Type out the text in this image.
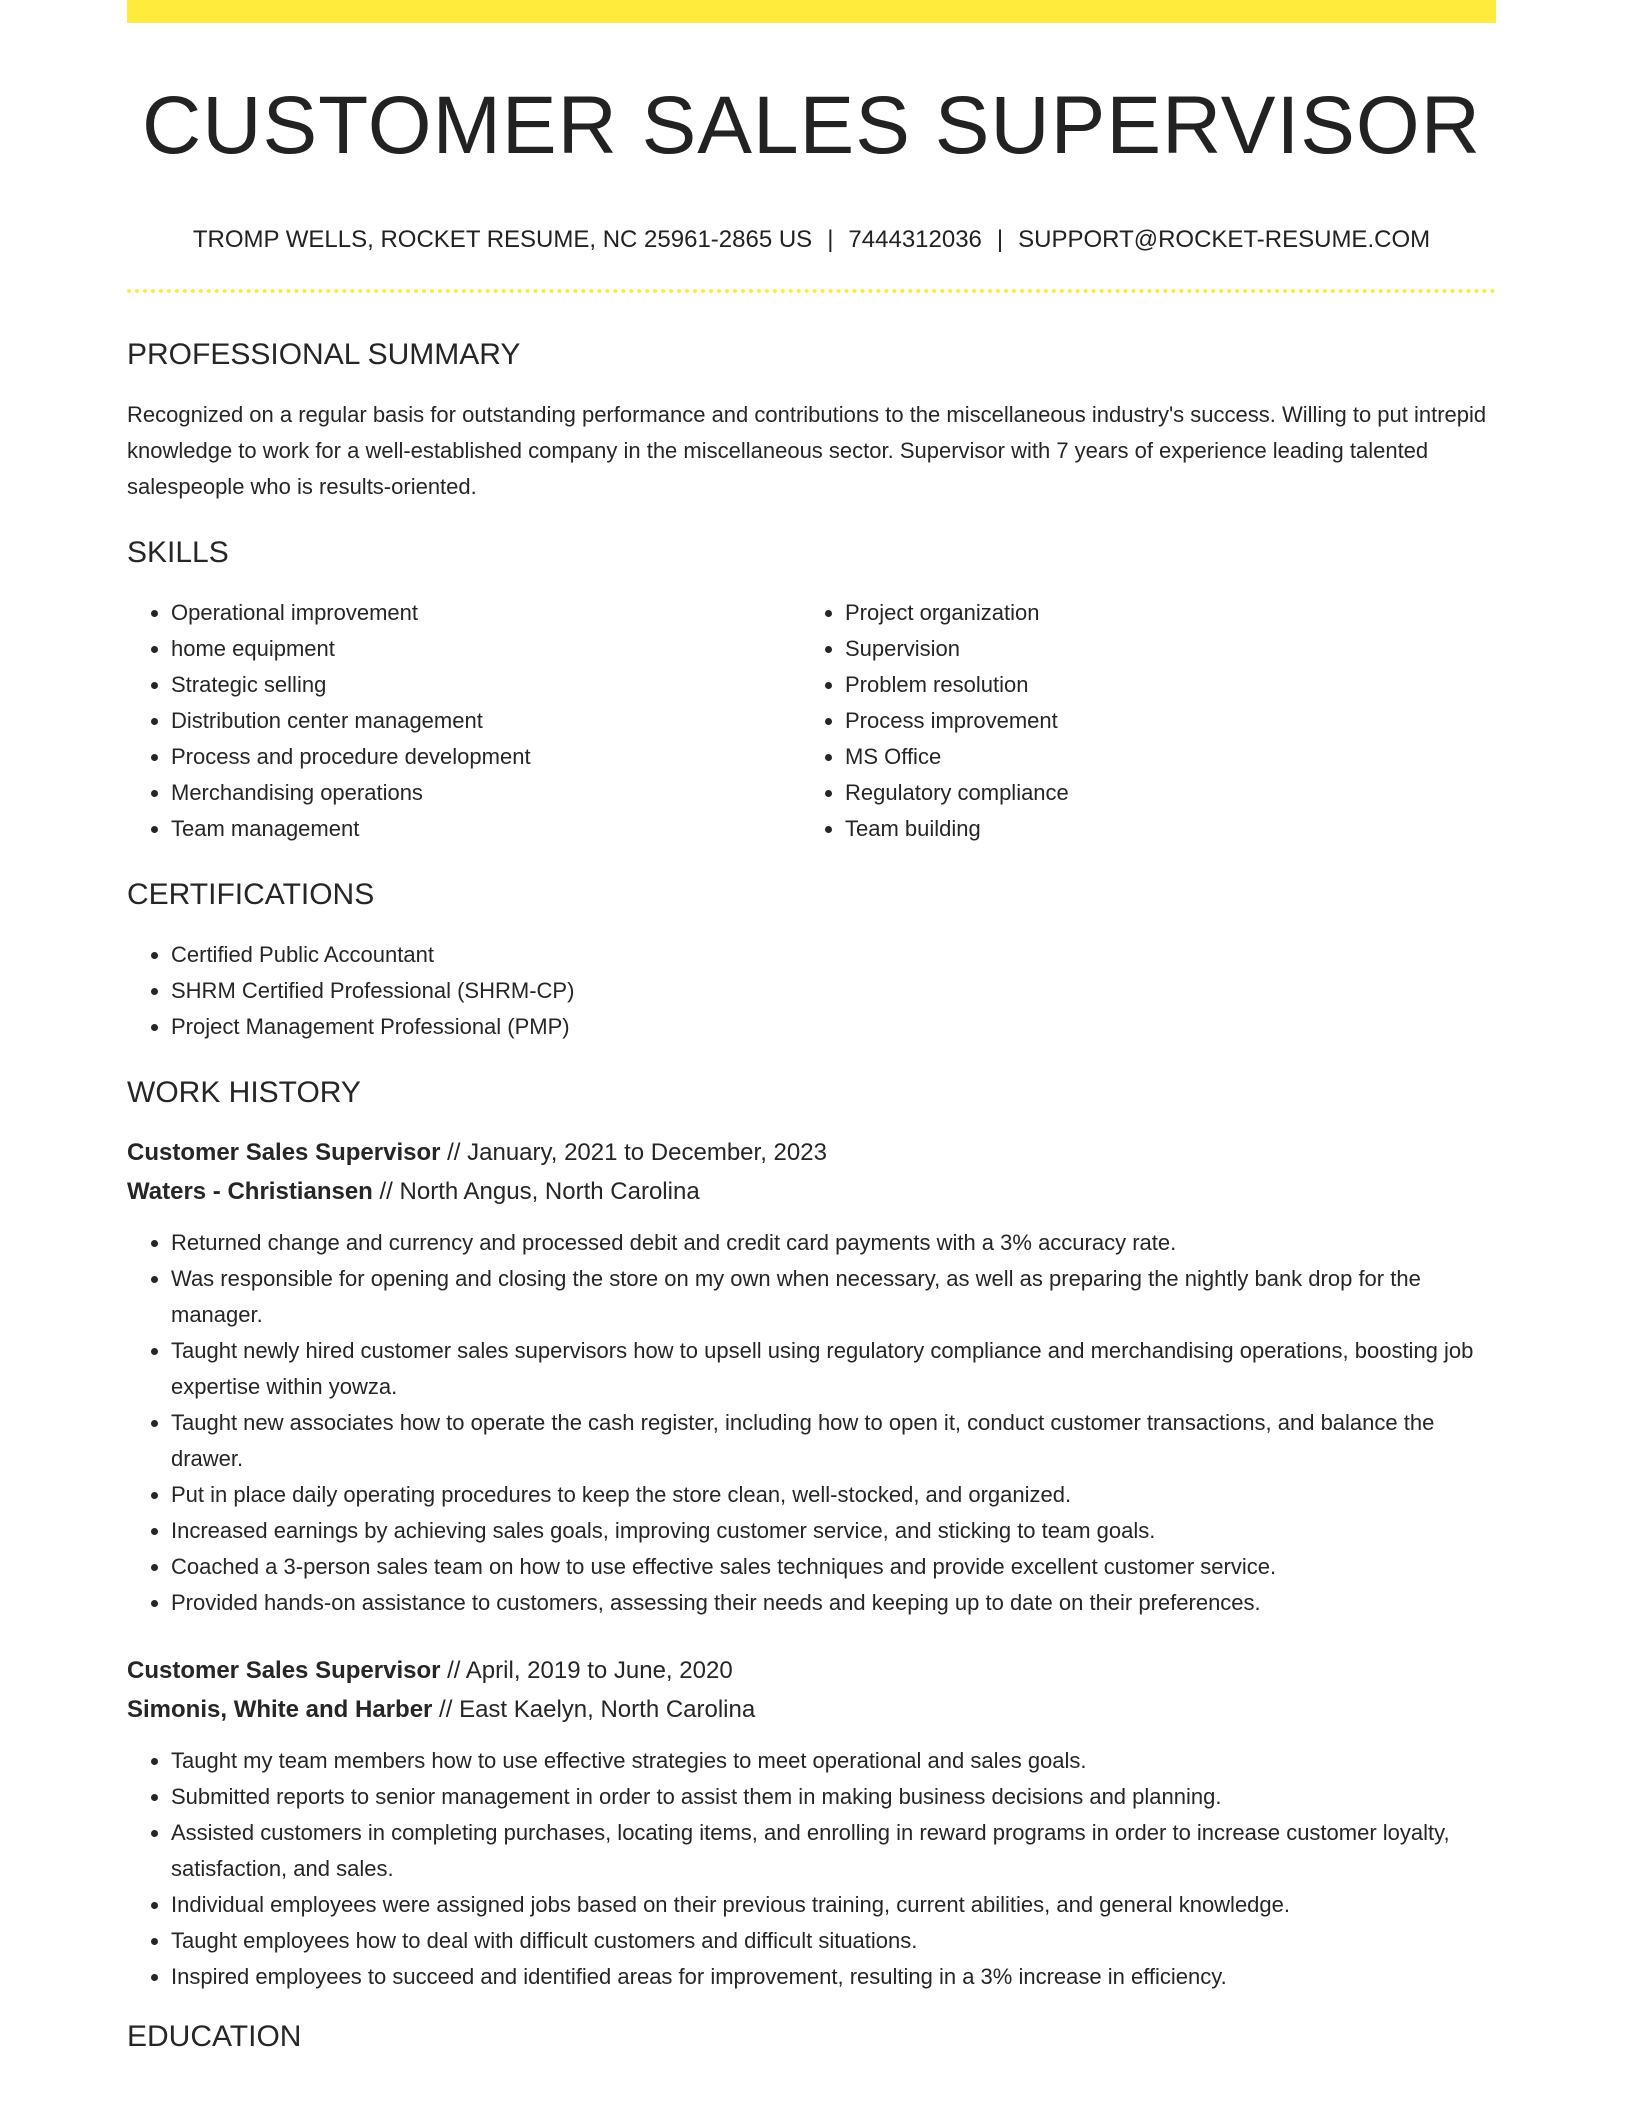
CUSTOMER SALES SUPERVISOR
TROMP WELLS, ROCKET RESUME, NC 25961-2865 US | 7444312036 | SUPPORT@ROCKET-RESUME.COM
PROFESSIONAL SUMMARY

Recognized on a regular basis for outstanding performance and contributions to the miscellaneous industry's success. Willing to put intrepid knowledge to work for a well-established company in the miscellaneous sector. Supervisor with 7 years of experience leading talented salespeople who is results-oriented.

SKILLS
• Operational improvement
• home equipment
• Strategic selling
• Distribution center management
• Process and procedure development
• Merchandising operations
• Team management
• Project organization
• Supervision
• Problem resolution
• Process improvement
• MS Office
• Regulatory compliance
• Team building
CERTIFICATIONS
• Certified Public Accountant
• SHRM Certified Professional (SHRM-CP)
• Project Management Professional (PMP)
WORK HISTORY
Customer Sales Supervisor // January, 2021 to December, 2023
Waters - Christiansen // North Angus, North Carolina
• Returned change and currency and processed debit and credit card payments with a 3% accuracy rate.
• Was responsible for opening and closing the store on my own when necessary, as well as preparing the nightly bank drop for the manager.
• Taught newly hired customer sales supervisors how to upsell using regulatory compliance and merchandising operations, boosting job expertise within yowza.
• Taught new associates how to operate the cash register, including how to open it, conduct customer transactions, and balance the drawer.
• Put in place daily operating procedures to keep the store clean, well-stocked, and organized.
• Increased earnings by achieving sales goals, improving customer service, and sticking to team goals.
• Coached a 3-person sales team on how to use effective sales techniques and provide excellent customer service.
• Provided hands-on assistance to customers, assessing their needs and keeping up to date on their preferences.
Customer Sales Supervisor // April, 2019 to June, 2020
Simonis, White and Harber // East Kaelyn, North Carolina
• Taught my team members how to use effective strategies to meet operational and sales goals.
• Submitted reports to senior management in order to assist them in making business decisions and planning.
• Assisted customers in completing purchases, locating items, and enrolling in reward programs in order to increase customer loyalty, satisfaction, and sales.
• Individual employees were assigned jobs based on their previous training, current abilities, and general knowledge.
• Taught employees how to deal with difficult customers and difficult situations.
• Inspired employees to succeed and identified areas for improvement, resulting in a 3% increase in efficiency.
EDUCATION
